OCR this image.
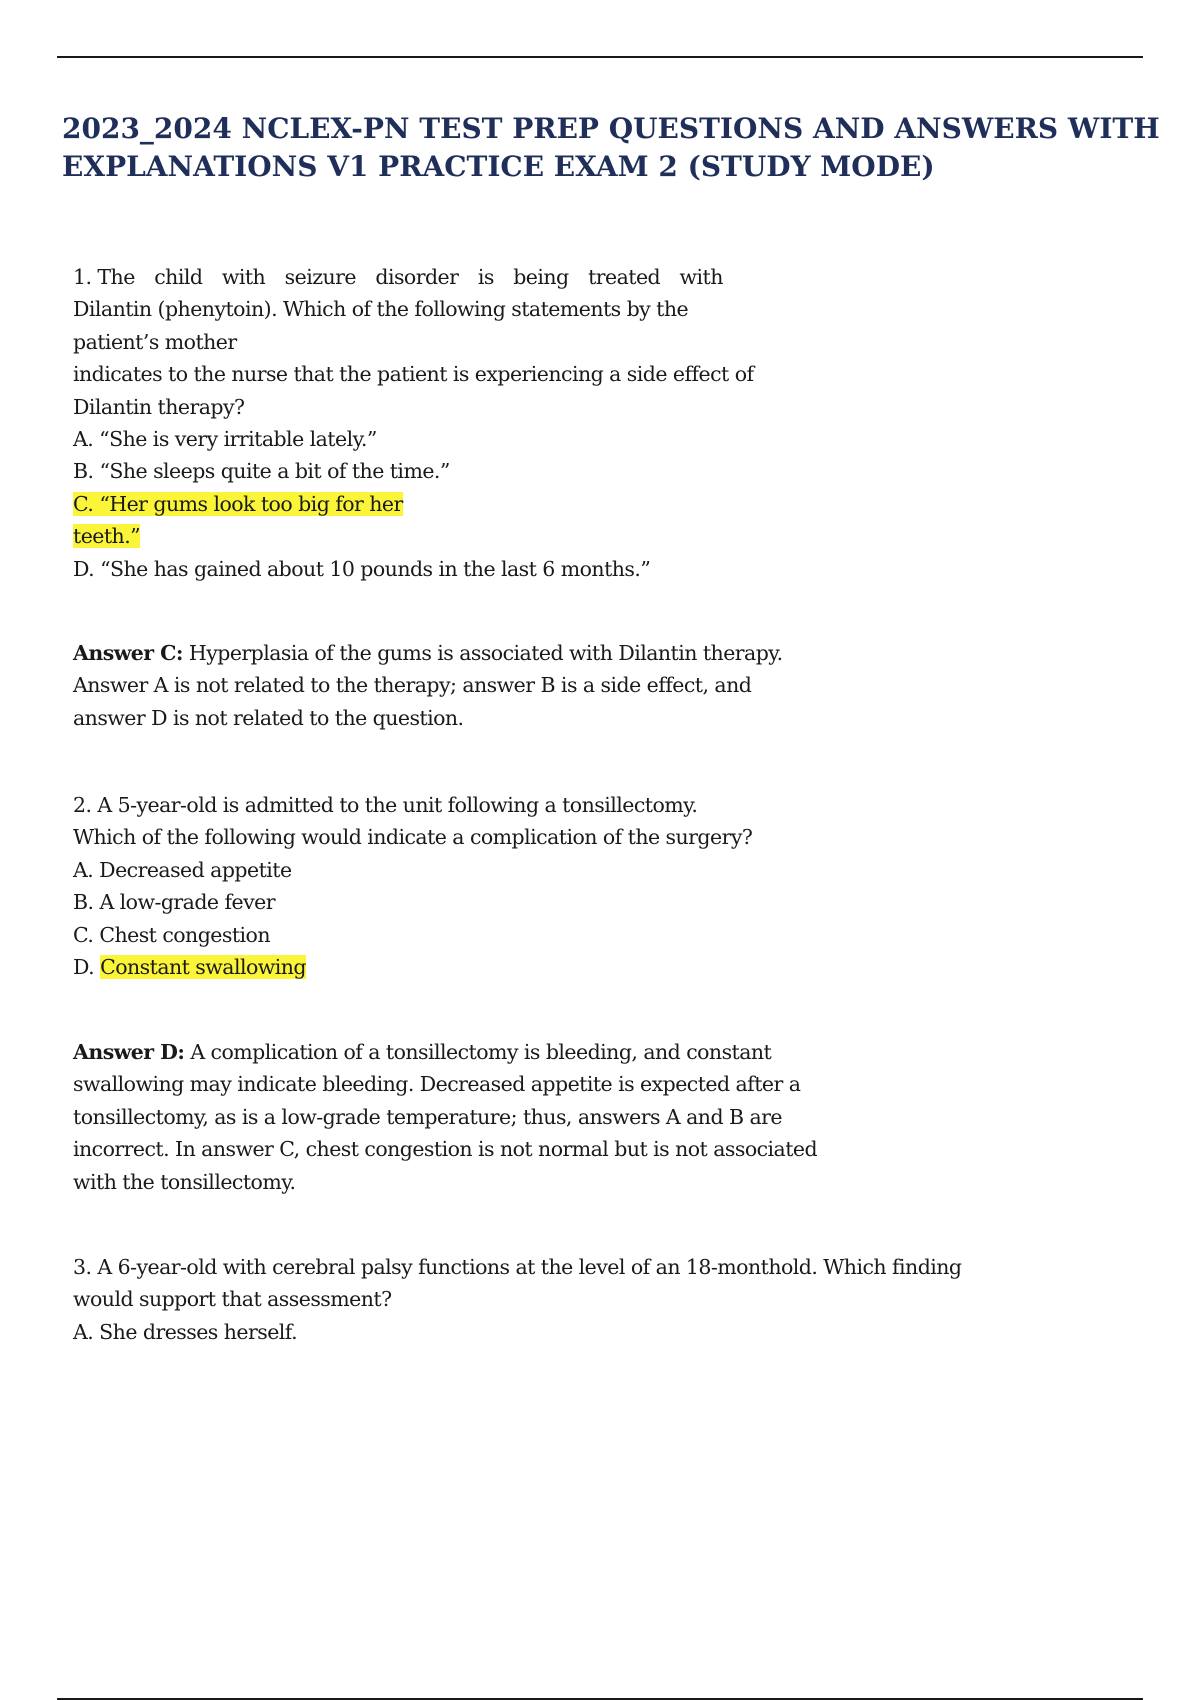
2023_2024 NCLEX-PN TEST PREP QUESTIONS AND ANSWERS WITH
EXPLANATIONS V1 PRACTICE EXAM 2 (STUDY MODE)
1. The child with seizure disorder is being treated with
Dilantin (phenytoin). Which of the following statements by the
patient’s mother
indicates to the nurse that the patient is experiencing a side effect of
Dilantin therapy?
A. “She is very irritable lately.”
B. “She sleeps quite a bit of the time.”
C. “Her gums look too big for her
teeth.”
D. “She has gained about 10 pounds in the last 6 months.”
Answer C: Hyperplasia of the gums is associated with Dilantin therapy.
Answer A is not related to the therapy; answer B is a side effect, and
answer D is not related to the question.
2. A 5-year-old is admitted to the unit following a tonsillectomy.
Which of the following would indicate a complication of the surgery?
A. Decreased appetite
B. A low-grade fever
C. Chest congestion
D. Constant swallowing
Answer D: A complication of a tonsillectomy is bleeding, and constant
swallowing may indicate bleeding. Decreased appetite is expected after a
tonsillectomy, as is a low-grade temperature; thus, answers A and B are
incorrect. In answer C, chest congestion is not normal but is not associated
with the tonsillectomy.
3. A 6-year-old with cerebral palsy functions at the level of an 18-monthold. Which finding
would support that assessment?
A. She dresses herself.
